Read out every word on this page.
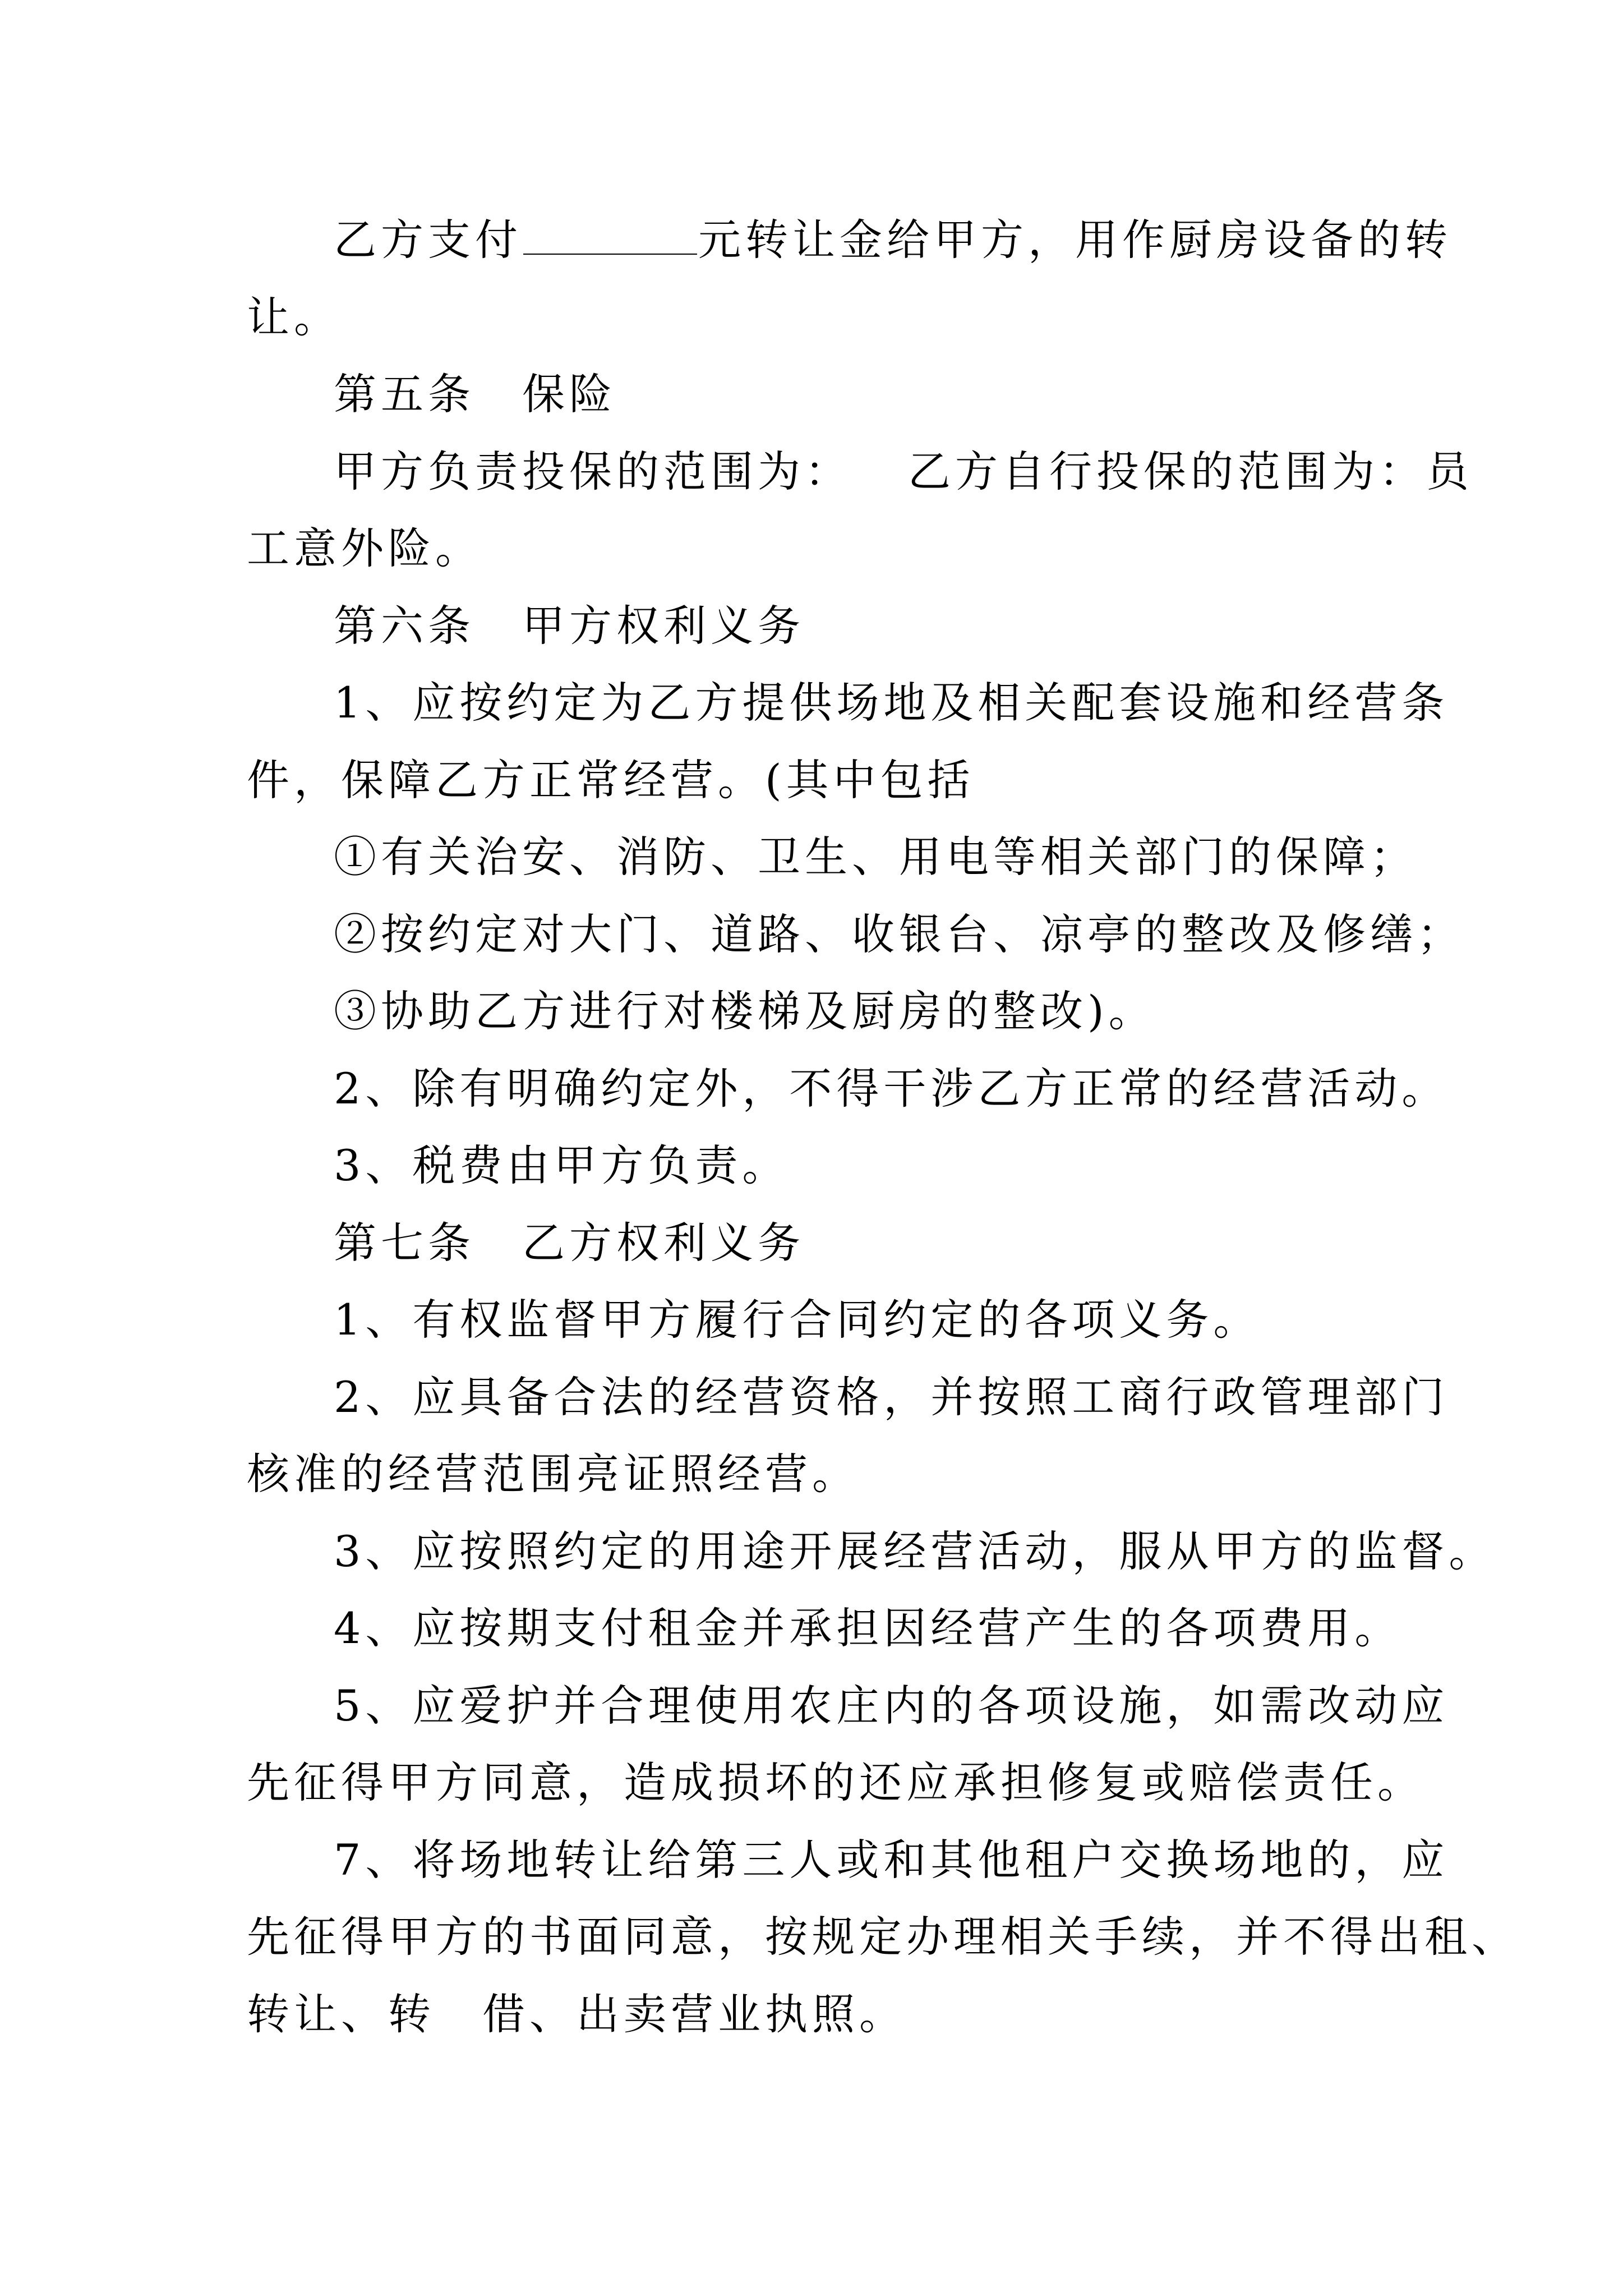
乙方支付	元转让金给甲方，用作厨房设备的转
让。
第五条　保险
甲方负责投保的范围为： 乙方自行投保的范围为：员
工意外险。
第六条　甲方权利义务
1、应按约定为乙方提供场地及相关配套设施和经营条
件，保障乙方正常经营。(其中包括
①有关治安、消防、卫生、用电等相关部门的保障；
②按约定对大门、道路、收银台、凉亭的整改及修缮；
③协助乙方进行对楼梯及厨房的整改)。
2、除有明确约定外，不得干涉乙方正常的经营活动。
3、税费由甲方负责。
第七条　乙方权利义务
1、有权监督甲方履行合同约定的各项义务。
2、应具备合法的经营资格，并按照工商行政管理部门
核准的经营范围亮证照经营。
3、应按照约定的用途开展经营活动，服从甲方的监督。
4、应按期支付租金并承担因经营产生的各项费用。
5、应爱护并合理使用农庄内的各项设施，如需改动应
先征得甲方同意，造成损坏的还应承担修复或赔偿责任。
7、将场地转让给第三人或和其他租户交换场地的，应
先征得甲方的书面同意，按规定办理相关手续，并不得出租、
转让、转　借、出卖营业执照。
